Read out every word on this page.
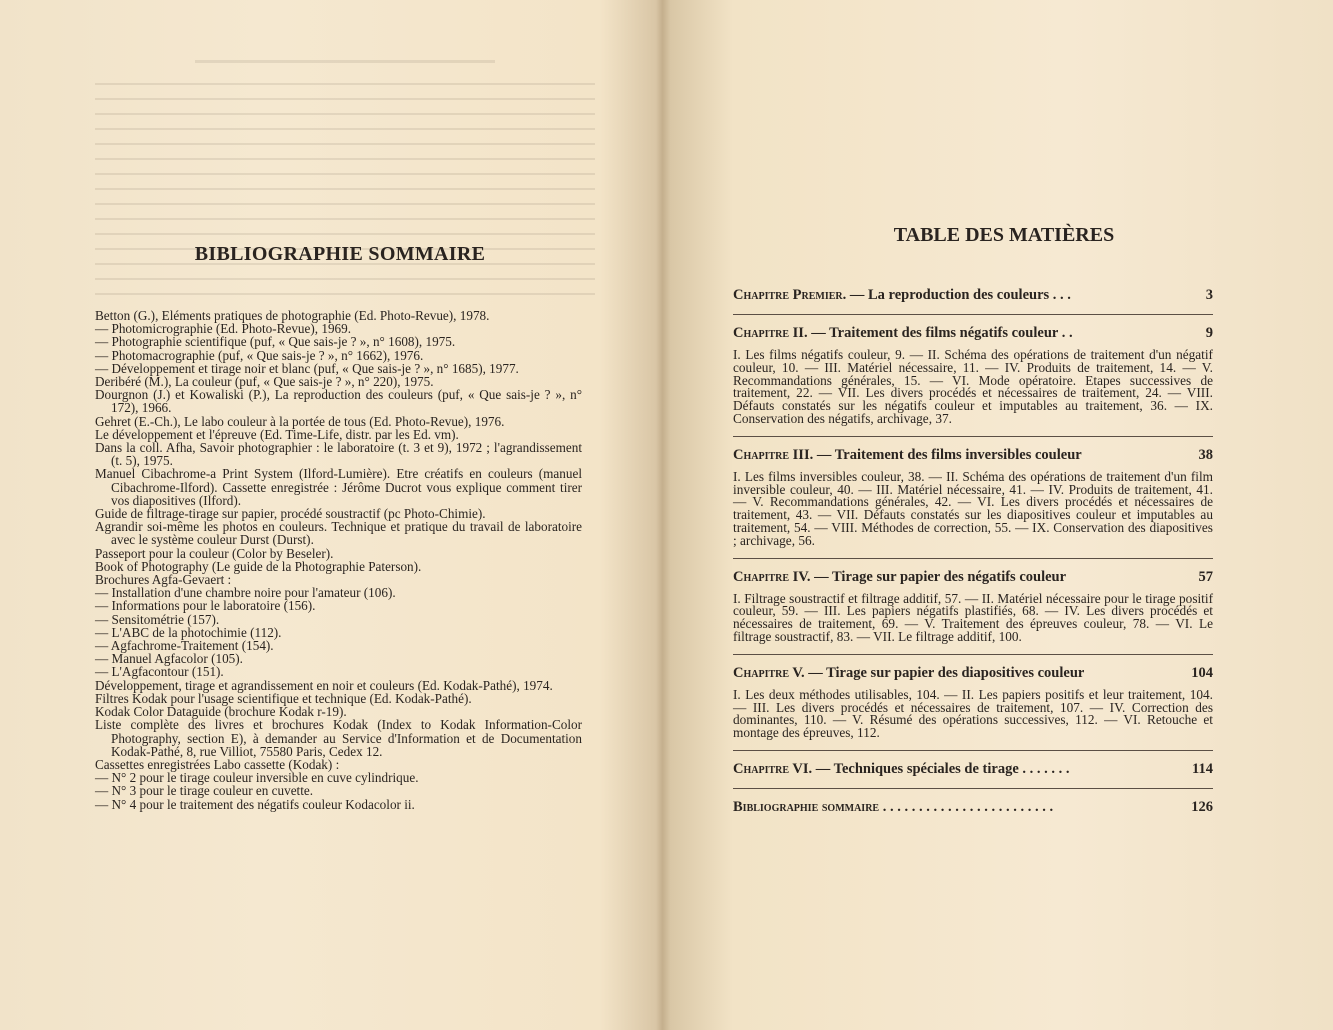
BIBLIOGRAPHIE SOMMAIRE
Betton (G.), Eléments pratiques de photographie (Ed. Photo-Revue), 1978.
— Photomicrographie (Ed. Photo-Revue), 1969.
— Photographie scientifique (puf, « Que sais-je ? », n° 1608), 1975.
— Photomacrographie (puf, « Que sais-je ? », n° 1662), 1976.
— Développement et tirage noir et blanc (puf, « Que sais-je ? », n° 1685), 1977.
Deribéré (M.), La couleur (puf, « Que sais-je ? », n° 220), 1975.
Dourgnon (J.) et Kowaliski (P.), La reproduction des couleurs (puf, « Que sais-je ? », n° 172), 1966.
Gehret (E.-Ch.), Le labo couleur à la portée de tous (Ed. Photo-Revue), 1976.
Le développement et l'épreuve (Ed. Time-Life, distr. par les Ed. vm).
Dans la coll. Afha, Savoir photographier : le laboratoire (t. 3 et 9), 1972 ; l'agrandissement (t. 5), 1975.
Manuel Cibachrome-a Print System (Ilford-Lumière). Etre créatifs en couleurs (manuel Cibachrome-Ilford). Cassette enregistrée : Jérôme Ducrot vous explique comment tirer vos diapositives (Ilford).
Guide de filtrage-tirage sur papier, procédé soustractif (pc Photo-Chimie).
Agrandir soi-même les photos en couleurs. Technique et pratique du travail de laboratoire avec le système couleur Durst (Durst).
Passeport pour la couleur (Color by Beseler).
Book of Photography (Le guide de la Photographie Paterson).
Brochures Agfa-Gevaert :
— Installation d'une chambre noire pour l'amateur (106).
— Informations pour le laboratoire (156).
— Sensitométrie (157).
— L'ABC de la photochimie (112).
— Agfachrome-Traitement (154).
— Manuel Agfacolor (105).
— L'Agfacontour (151).
Développement, tirage et agrandissement en noir et couleurs (Ed. Kodak-Pathé), 1974.
Filtres Kodak pour l'usage scientifique et technique (Ed. Kodak-Pathé).
Kodak Color Dataguide (brochure Kodak r-19).
Liste complète des livres et brochures Kodak (Index to Kodak Information-Color Photography, section E), à demander au Service d'Information et de Documentation Kodak-Pathé, 8, rue Villiot, 75580 Paris, Cedex 12.
Cassettes enregistrées Labo cassette (Kodak) :
— N° 2 pour le tirage couleur inversible en cuve cylindrique.
— N° 3 pour le tirage couleur en cuvette.
— N° 4 pour le traitement des négatifs couleur Kodacolor ii.
TABLE DES MATIÈRES
Chapitre Premier. — La reproduction des couleurs . . .	3
Chapitre II. — Traitement des films négatifs couleur . .	9
I. Les films négatifs couleur, 9. — II. Schéma des opérations de traitement d'un négatif couleur, 10. — III. Matériel nécessaire, 11. — IV. Produits de traitement, 14. — V. Recommandations générales, 15. — VI. Mode opératoire. Etapes successives de traitement, 22. — VII. Les divers procédés et nécessaires de traitement, 24. — VIII. Défauts constatés sur les négatifs couleur et imputables au traitement, 36. — IX. Conservation des négatifs, archivage, 37.
Chapitre III. — Traitement des films inversibles couleur	38
I. Les films inversibles couleur, 38. — II. Schéma des opérations de traitement d'un film inversible couleur, 40. — III. Matériel nécessaire, 41. — IV. Produits de traitement, 41. — V. Recommandations générales, 42. — VI. Les divers procédés et nécessaires de traitement, 43. — VII. Défauts constatés sur les diapositives couleur et imputables au traitement, 54. — VIII. Méthodes de correction, 55. — IX. Conservation des diapositives ; archivage, 56.
Chapitre IV. — Tirage sur papier des négatifs couleur	57
I. Filtrage soustractif et filtrage additif, 57. — II. Matériel nécessaire pour le tirage positif couleur, 59. — III. Les papiers négatifs plastifiés, 68. — IV. Les divers procédés et nécessaires de traitement, 69. — V. Traitement des épreuves couleur, 78. — VI. Le filtrage soustractif, 83. — VII. Le filtrage additif, 100.
Chapitre V. — Tirage sur papier des diapositives couleur	104
I. Les deux méthodes utilisables, 104. — II. Les papiers positifs et leur traitement, 104. — III. Les divers procédés et nécessaires de traitement, 107. — IV. Correction des dominantes, 110. — V. Résumé des opérations successives, 112. — VI. Retouche et montage des épreuves, 112.
Chapitre VI. — Techniques spéciales de tirage . . . . . . .	114
Bibliographie sommaire . . . . . . . . . . . . . . . . . . . . . . . .	126
